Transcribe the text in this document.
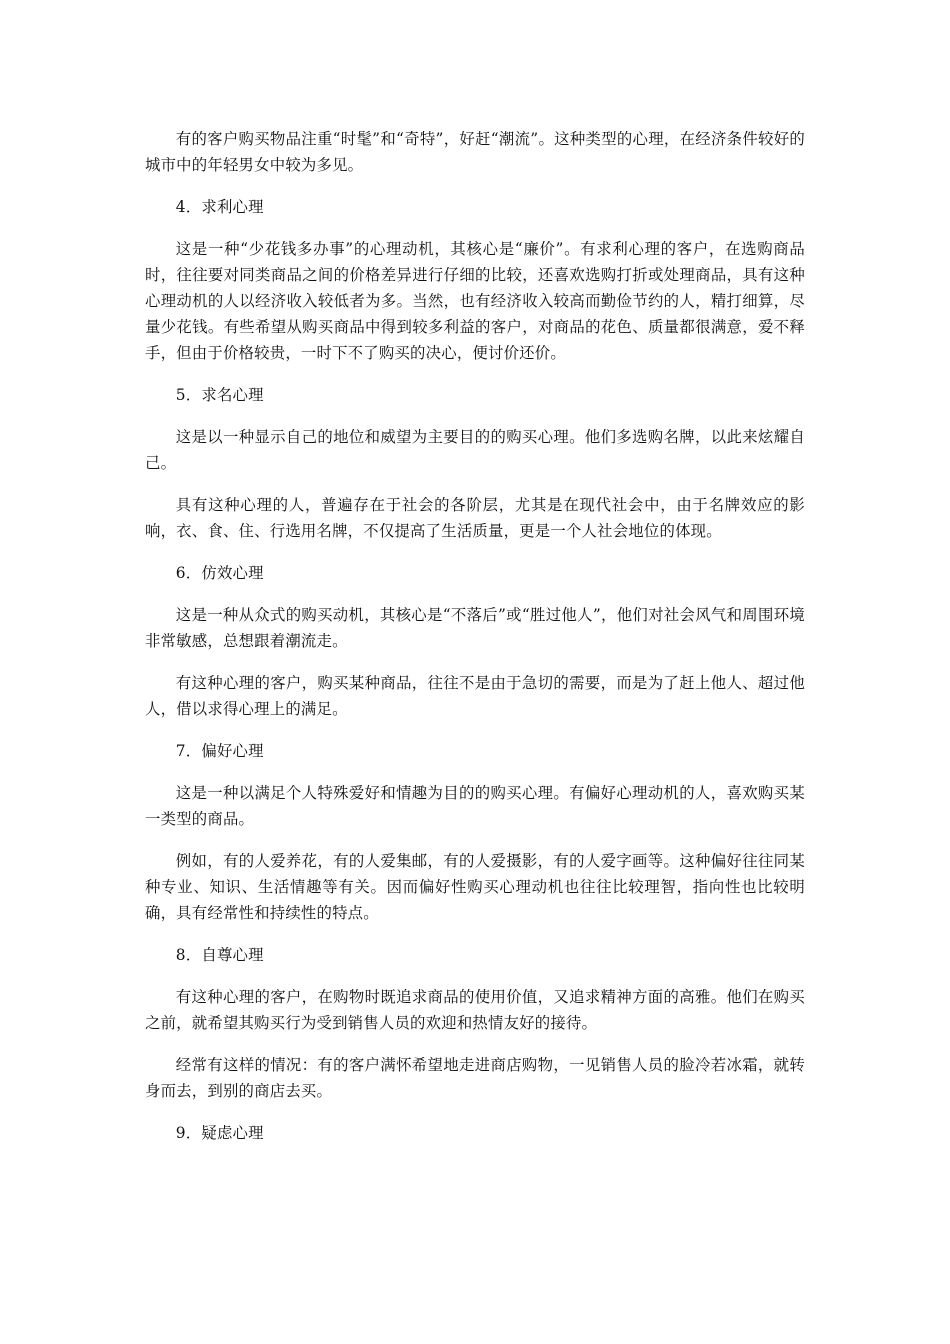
有的客户购买物品注重“时髦”和“奇特”，好赶“潮流”。这种类型的心理，在经济条件较好的城市中的年轻男女中较为多见。

4．求利心理

这是一种“少花钱多办事”的心理动机，其核心是“廉价”。有求利心理的客户，在选购商品时，往往要对同类商品之间的价格差异进行仔细的比较，还喜欢选购打折或处理商品，具有这种心理动机的人以经济收入较低者为多。当然，也有经济收入较高而勤俭节约的人，精打细算，尽量少花钱。有些希望从购买商品中得到较多利益的客户，对商品的花色、质量都很满意，爱不释手，但由于价格较贵，一时下不了购买的决心，便讨价还价。

5．求名心理

这是以一种显示自己的地位和威望为主要目的的购买心理。他们多选购名牌，以此来炫耀自己。

具有这种心理的人，普遍存在于社会的各阶层，尤其是在现代社会中，由于名牌效应的影响，衣、食、住、行选用名牌，不仅提高了生活质量，更是一个人社会地位的体现。

6．仿效心理

这是一种从众式的购买动机，其核心是“不落后”或“胜过他人”，他们对社会风气和周围环境非常敏感，总想跟着潮流走。

有这种心理的客户，购买某种商品，往往不是由于急切的需要，而是为了赶上他人、超过他人，借以求得心理上的满足。

7．偏好心理

这是一种以满足个人特殊爱好和情趣为目的的购买心理。有偏好心理动机的人，喜欢购买某一类型的商品。

例如，有的人爱养花，有的人爱集邮，有的人爱摄影，有的人爱字画等。这种偏好往往同某种专业、知识、生活情趣等有关。因而偏好性购买心理动机也往往比较理智，指向性也比较明确，具有经常性和持续性的特点。

8．自尊心理

有这种心理的客户，在购物时既追求商品的使用价值，又追求精神方面的高雅。他们在购买之前，就希望其购买行为受到销售人员的欢迎和热情友好的接待。

经常有这样的情况：有的客户满怀希望地走进商店购物，一见销售人员的脸冷若冰霜，就转身而去，到别的商店去买。

9．疑虑心理
